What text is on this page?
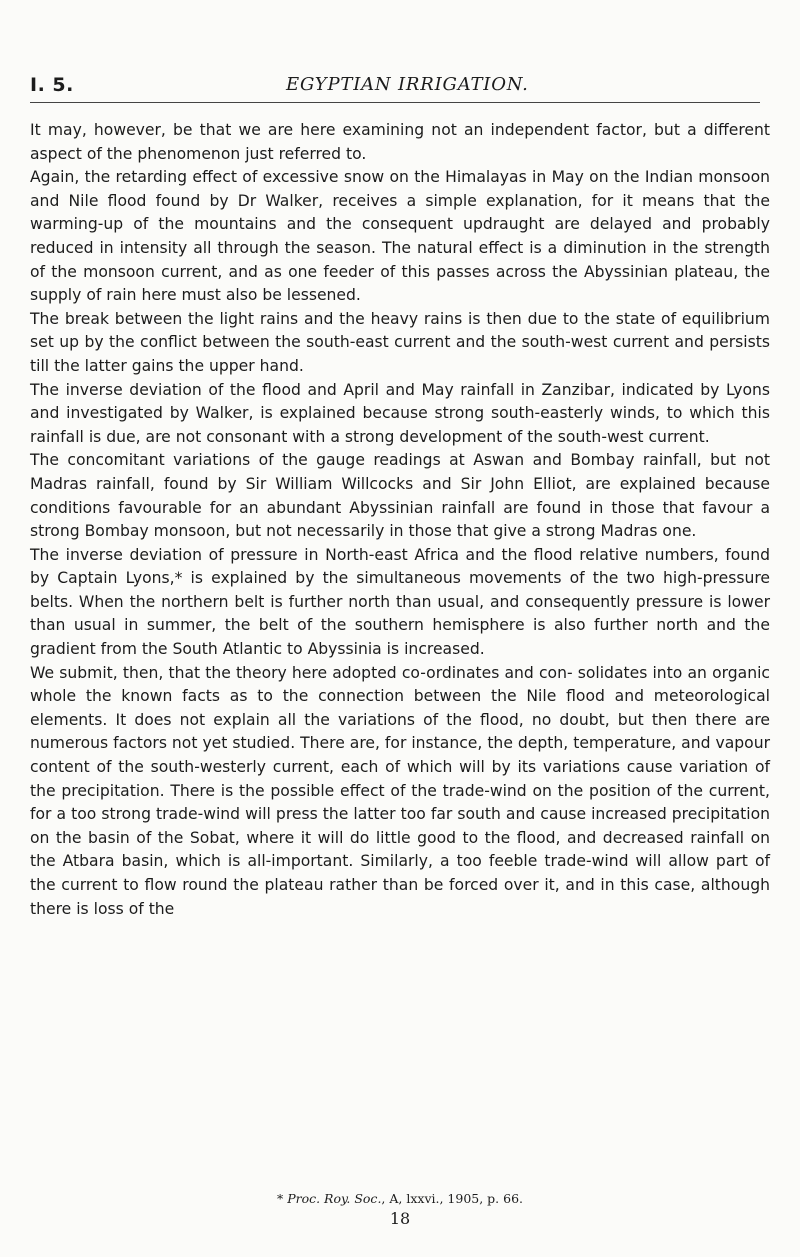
I. 5.	EGYPTIAN IRRIGATION.

It may, however, be that we are here examining not an independent factor, but a different aspect of the phenomenon just referred to.

Again, the retarding effect of excessive snow on the Himalayas in May on the Indian monsoon and Nile flood found by Dr Walker, receives a simple explanation, for it means that the warming-up of the mountains and the consequent updraught are delayed and probably reduced in intensity all through the season. The natural effect is a diminution in the strength of the monsoon current, and as one feeder of this passes across the Abyssinian plateau, the supply of rain here must also be lessened.

The break between the light rains and the heavy rains is then due to the state of equilibrium set up by the conflict between the south-east current and the south-west current and persists till the latter gains the upper hand.

The inverse deviation of the flood and April and May rainfall in Zanzibar, indicated by Lyons and investigated by Walker, is explained because strong south-easterly winds, to which this rainfall is due, are not consonant with a strong development of the south-west current.

The concomitant variations of the gauge readings at Aswan and Bombay rainfall, but not Madras rainfall, found by Sir William Willcocks and Sir John Elliot, are explained because conditions favourable for an abundant Abyssinian rainfall are found in those that favour a strong Bombay monsoon, but not necessarily in those that give a strong Madras one.

The inverse deviation of pressure in North-east Africa and the flood relative numbers, found by Captain Lyons,* is explained by the simultaneous movements of the two high-pressure belts. When the northern belt is further north than usual, and consequently pressure is lower than usual in summer, the belt of the southern hemisphere is also further north and the gradient from the South Atlantic to Abyssinia is increased.

We submit, then, that the theory here adopted co-ordinates and con- solidates into an organic whole the known facts as to the connection between the Nile flood and meteorological elements. It does not explain all the variations of the flood, no doubt, but then there are numerous factors not yet studied. There are, for instance, the depth, temperature, and vapour content of the south-westerly current, each of which will by its variations cause variation of the precipitation. There is the possible effect of the trade-wind on the position of the current, for a too strong trade-wind will press the latter too far south and cause increased precipitation on the basin of the Sobat, where it will do little good to the flood, and decreased rainfall on the Atbara basin, which is all-important. Similarly, a too feeble trade-wind will allow part of the current to flow round the plateau rather than be forced over it, and in this case, although there is loss of the

* Proc. Roy. Soc., A, lxxvi., 1905, p. 66.
18
